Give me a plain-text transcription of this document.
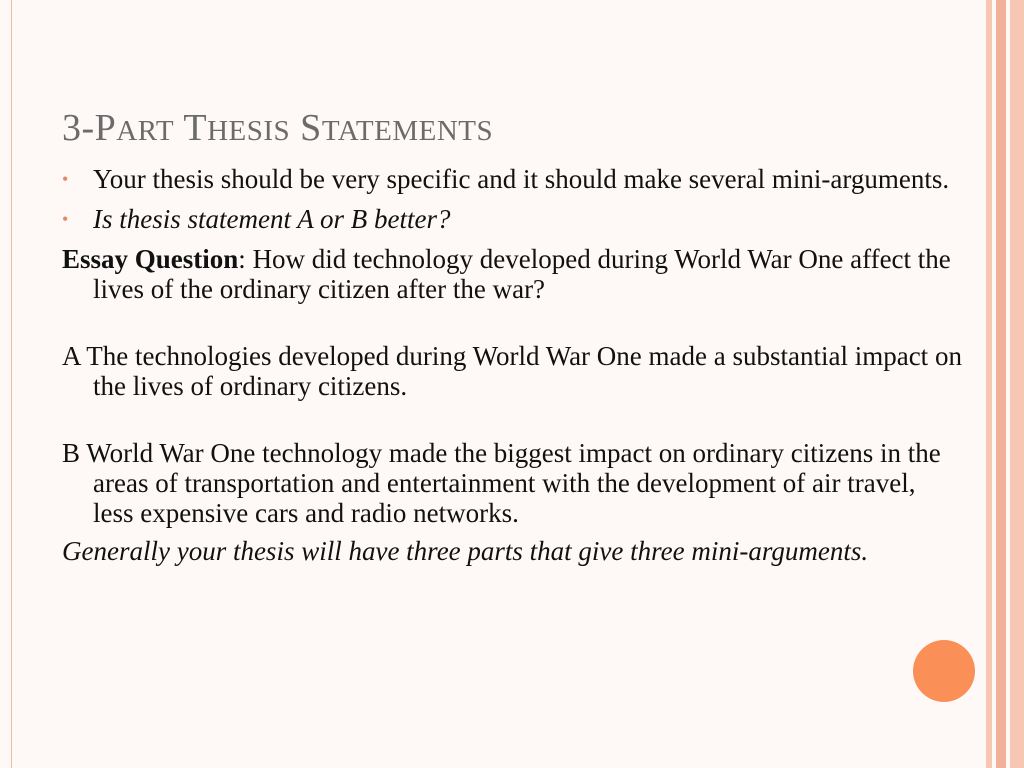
3-PART THESIS STATEMENTS
• Your thesis should be very specific and it should make several mini-arguments.
• Is thesis statement A or B better?
Essay Question: How did technology developed during World War One affect the lives of the ordinary citizen after the war?
A The technologies developed during World War One made a substantial impact on the lives of ordinary citizens.
B World War One technology made the biggest impact on ordinary citizens in the areas of transportation and entertainment with the development of air travel, less expensive cars and radio networks.
Generally your thesis will have three parts that give three mini-arguments.
